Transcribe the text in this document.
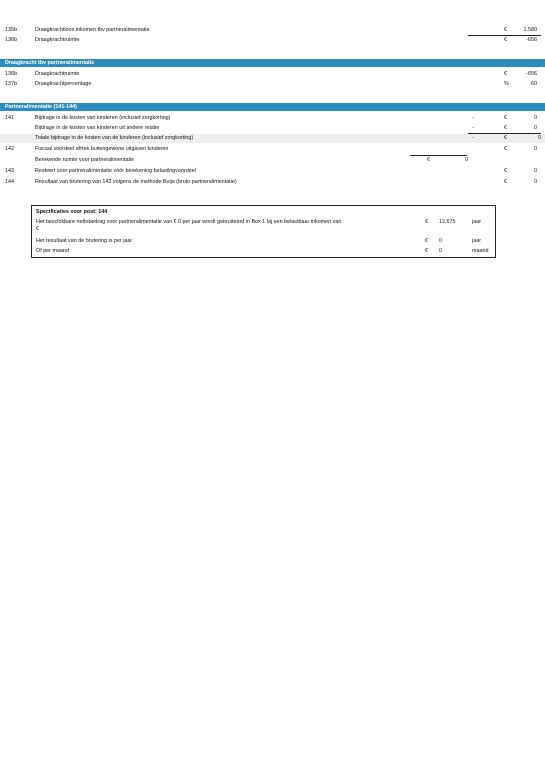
135b	Draagkrachtloos inkomen tbv partneralimentatie	€	1.580
136b	Draagkrachtruimte	€	-656
Draagkracht tbv partneralimentatie
136b	Draagkrachtruimte	€	-656
137b	Draagkrachtpercentage	%	60
Partneralimentatie (141-144)
141	Bijdrage in de kosten van kinderen (inclusief zorgkorting)	-	€	0
Bijdrage in de kosten van kinderen uit andere relatie	-	€	0
Totale bijdrage in de kosten van de kinderen (inclusief zorgkorting)	-	€	0
142	Fiscaal voordeel aftrek buitengewone uitgaven kinderen	€	0
Berekende ruimte voor partneralimentatie	€	0
143	Resteert voor partneralimentatie vóór berekening belastingvoordeel	€	0
144	Resultaat van brutering van 143 volgens de methode Buijs (bruto partneralimentatie)	€	0
Specificaties voor post: 144
Het beschikbare nettobedrag voor partneralimentatie van € 0 per jaar wordt gebruiteerd in Box 1 bij een belastbaar inkomen van
€
€ 12.675	jaar
Het resultaat van de brutering is per jaar	€ 0	jaar
Of per maand	€ 0	maand
